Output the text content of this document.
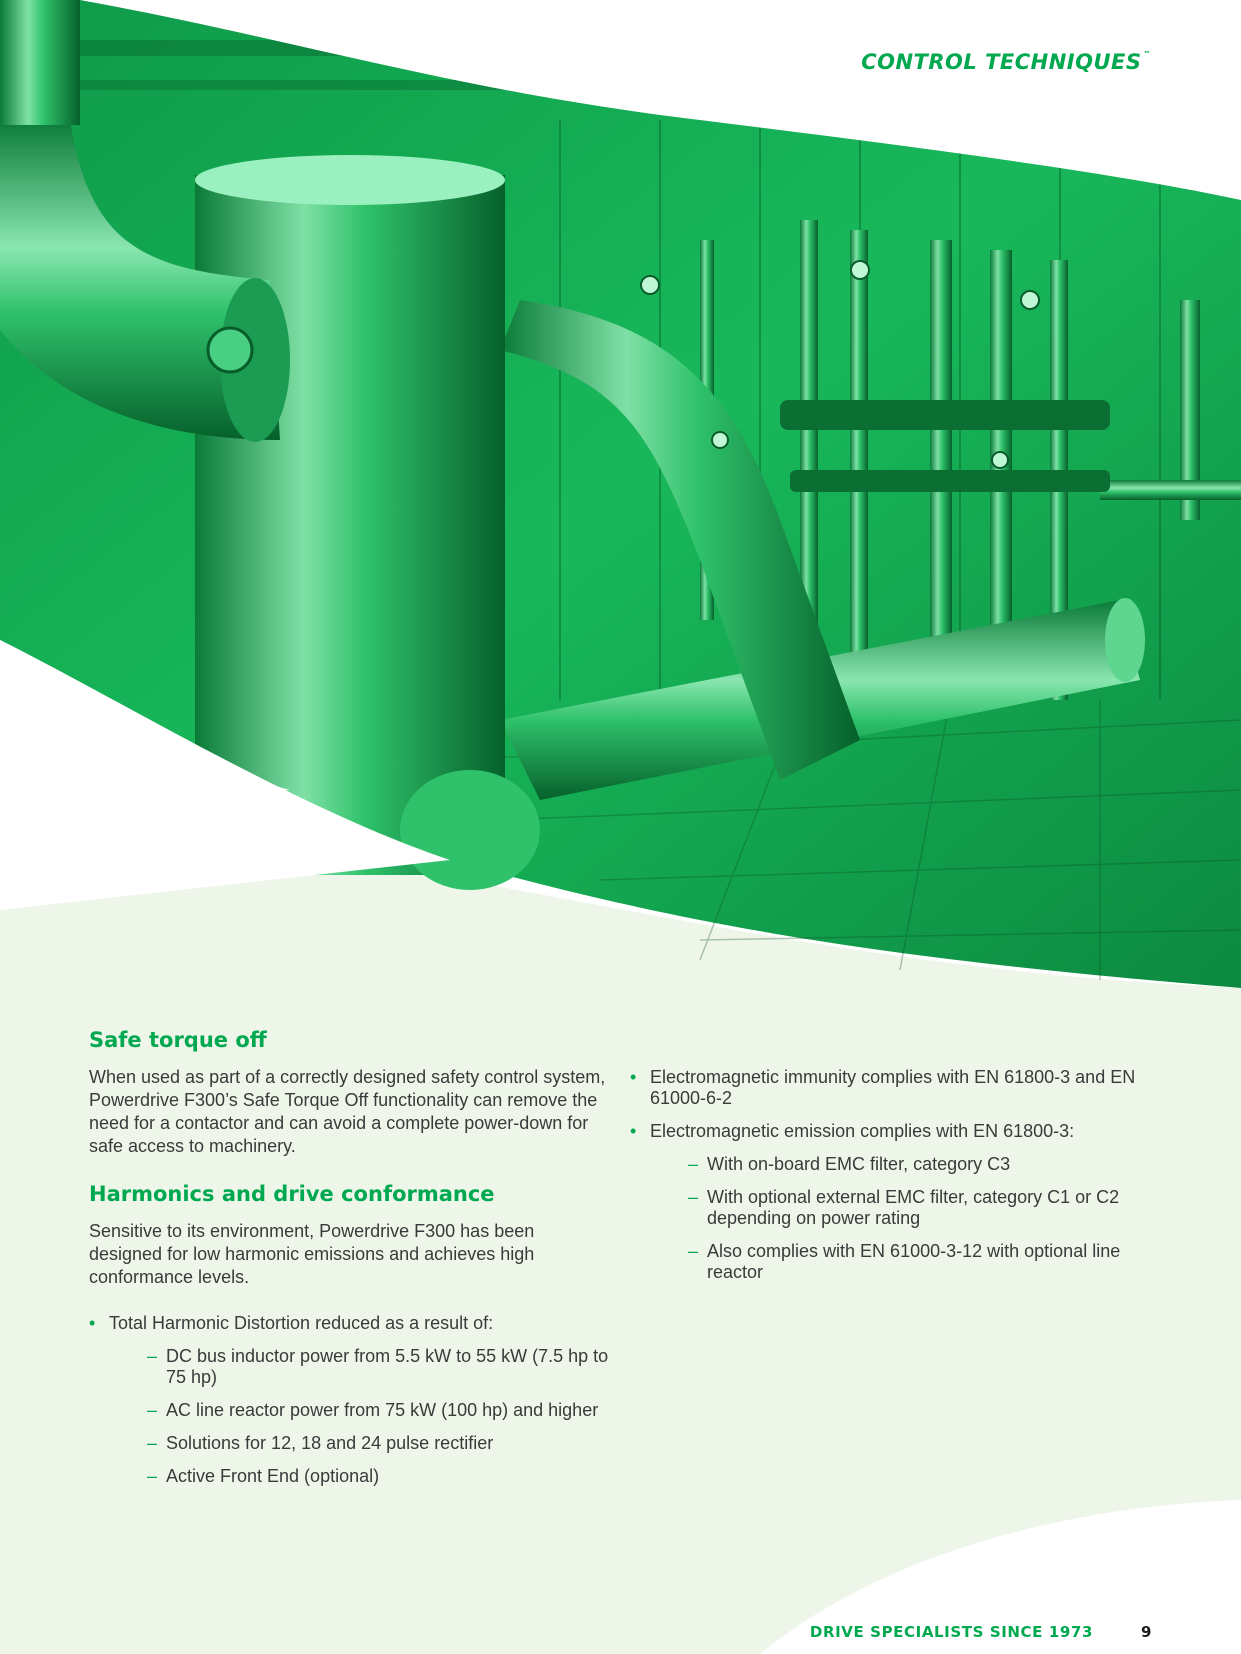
CONTROL TECHNIQUES ™
Safe torque off

When used as part of a correctly designed safety control system, Powerdrive F300’s Safe Torque Off functionality can remove the need for a contactor and can avoid a complete power-down for safe access to machinery.

Harmonics and drive conformance

Sensitive to its environment, Powerdrive F300 has been designed for low harmonic emissions and achieves high conformance levels.

• Total Harmonic Distortion reduced as a result of:
– DC bus inductor power from 5.5 kW to 55 kW (7.5 hp to 75 hp)
– AC line reactor power from 75 kW (100 hp) and higher
– Solutions for 12, 18 and 24 pulse rectifier
– Active Front End (optional)
• Electromagnetic immunity complies with EN 61800-3 and EN 61000-6-2
• Electromagnetic emission complies with EN 61800-3:
– With on-board EMC filter, category C3
– With optional external EMC filter, category C1 or C2 depending on power rating
– Also complies with EN 61000-3-12 with optional line reactor
DRIVE SPECIALISTS SINCE 1973	9
